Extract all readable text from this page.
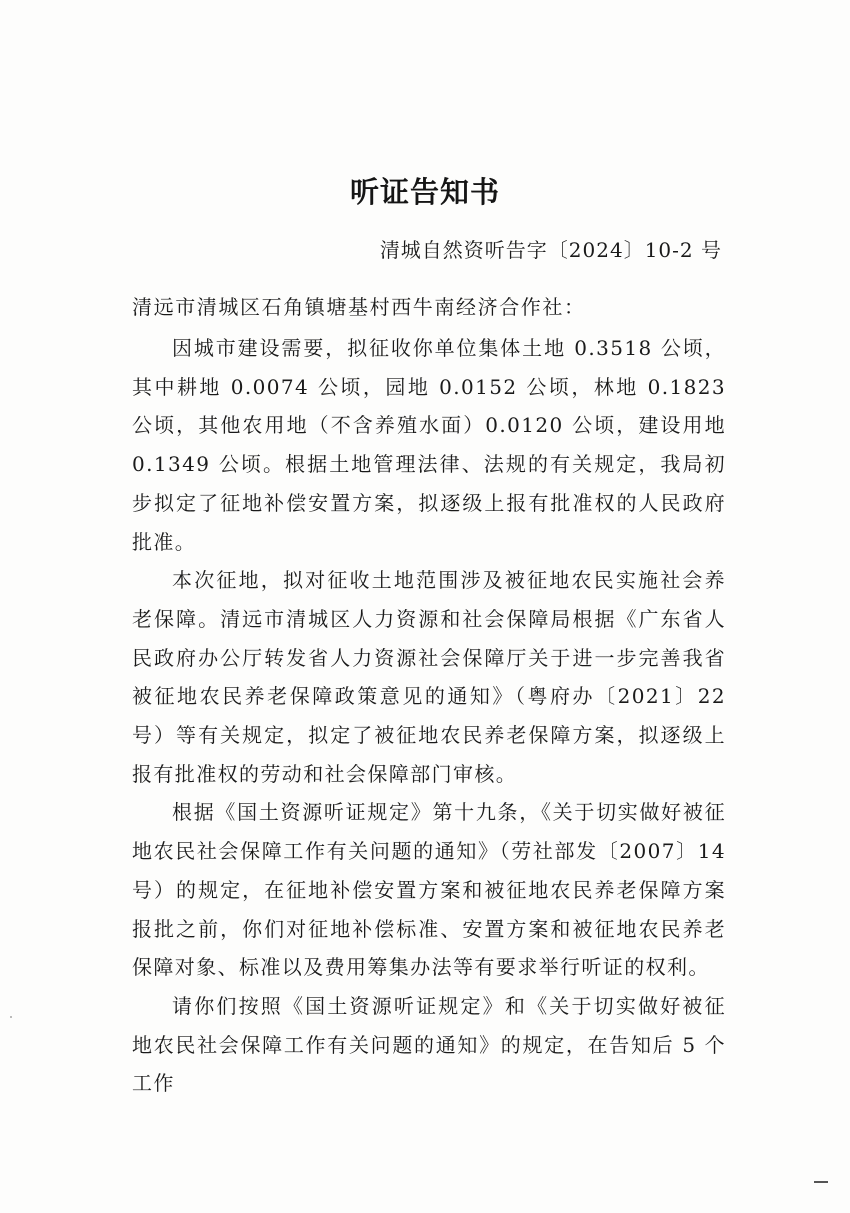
听证告知书
清城自然资听告字〔2024〕10-2 号
清远市清城区石角镇塘基村西牛南经济合作社：

因城市建设需要，拟征收你单位集体土地 0.3518 公顷，其中耕地 0.0074 公顷，园地 0.0152 公顷，林地 0.1823 公顷，其他农用地（不含养殖水面）0.0120 公顷，建设用地 0.1349 公顷。根据土地管理法律、法规的有关规定，我局初步拟定了征地补偿安置方案，拟逐级上报有批准权的人民政府批准。

本次征地，拟对征收土地范围涉及被征地农民实施社会养老保障。清远市清城区人力资源和社会保障局根据《广东省人民政府办公厅转发省人力资源社会保障厅关于进一步完善我省被征地农民养老保障政策意见的通知》（粤府办〔2021〕22 号）等有关规定，拟定了被征地农民养老保障方案，拟逐级上报有批准权的劳动和社会保障部门审核。

根据《国土资源听证规定》第十九条，《关于切实做好被征地农民社会保障工作有关问题的通知》（劳社部发〔2007〕14 号）的规定，在征地补偿安置方案和被征地农民养老保障方案报批之前，你们对征地补偿标准、安置方案和被征地农民养老保障对象、标准以及费用筹集办法等有要求举行听证的权利。

请你们按照《国土资源听证规定》和《关于切实做好被征地农民社会保障工作有关问题的通知》的规定，在告知后 5 个工作
